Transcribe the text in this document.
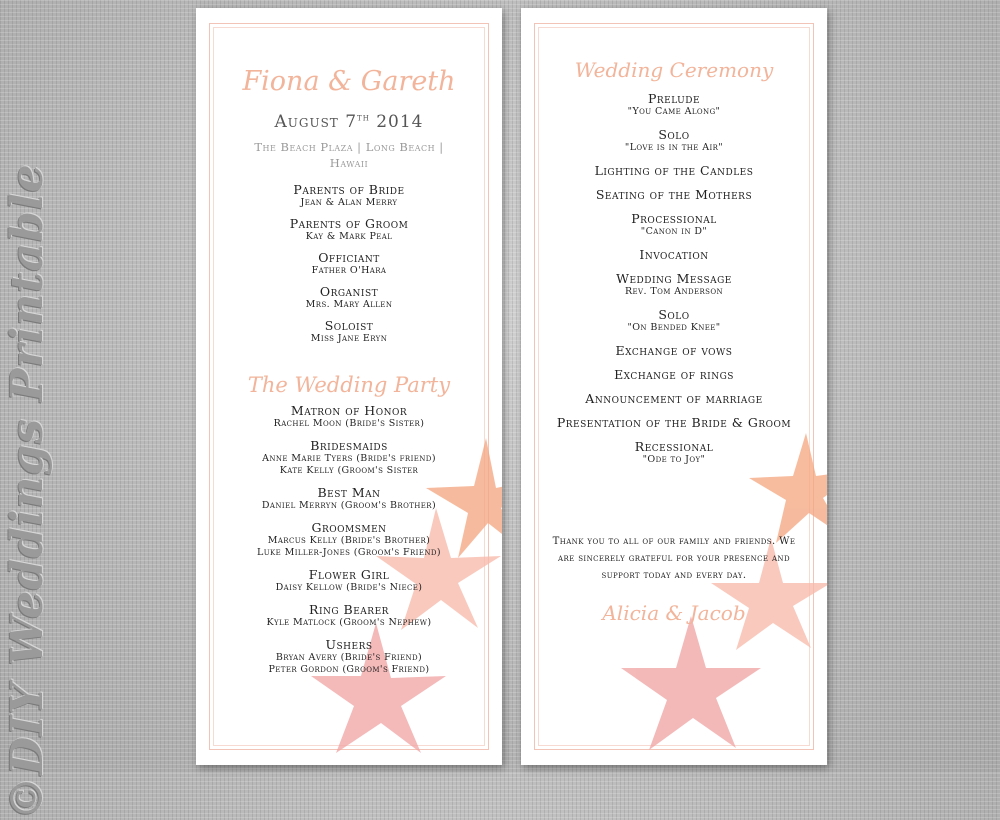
©DIY Weddings Printable
Fiona & Gareth
August 7th 2014
The Beach Plaza | Long Beach | Hawaii
Parents of Bride
Jean & Alan Merry
Parents of Groom
Kay & Mark Peal
Officiant
Father O'Hara
Organist
Mrs. Mary Allen
Soloist
Miss Jane Eryn
The Wedding Party
Matron of Honor
Rachel Moon (Bride's Sister)
Bridesmaids
Anne Marie Tyers (Bride's friend)
Kate Kelly (Groom's Sister
Best Man
Daniel Merryn (Groom's Brother)
Groomsmen
Marcus Kelly (Bride's Brother)
Luke Miller-Jones (Groom's Friend)
Flower Girl
Daisy Kellow (Bride's Niece)
Ring Bearer
Kyle Matlock (Groom's Nephew)
Ushers
Bryan Avery (Bride's Friend)
Peter Gordon (Groom's Friend)
Wedding Ceremony
Prelude
"You Came Along"
Solo
"Love is in the Air"
Lighting of the Candles
Seating of the Mothers
Processional
"Canon in D"
Invocation
Wedding Message
Rev. Tom Anderson
Solo
"On Bended Knee"
Exchange of vows
Exchange of rings
Announcement of marriage
Presentation of the Bride & Groom
Recessional
"Ode to Joy"
Thank you to all of our family and friends. We are sincerely grateful for your presence and support today and every day.
Alicia & Jacob
